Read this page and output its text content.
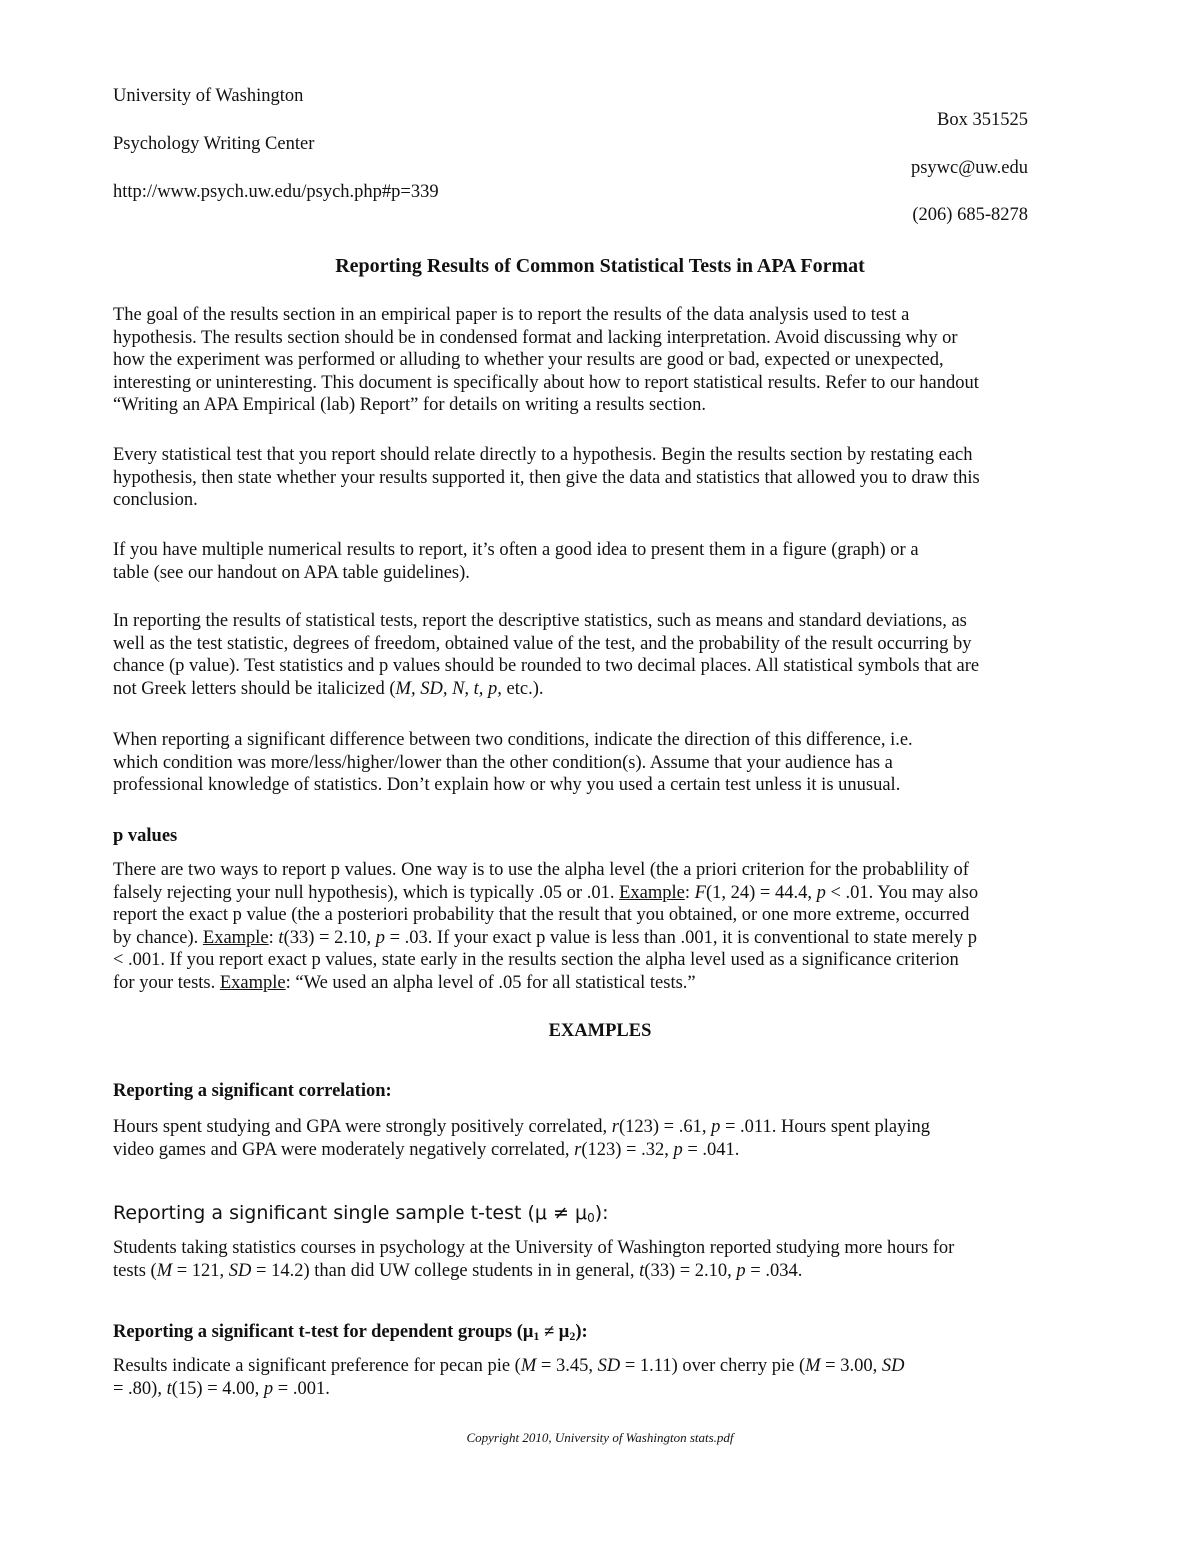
University of Washington

Psychology Writing Center

http://www.psych.uw.edu/psych.php#p=339

Box 351525

psywc@uw.edu

(206) 685-8278

Reporting Results of Common Statistical Tests in APA Format
The goal of the results section in an empirical paper is to report the results of the data analysis used to test a
hypothesis. The results section should be in condensed format and lacking interpretation. Avoid discussing why or
how the experiment was performed or alluding to whether your results are good or bad, expected or unexpected,
interesting or uninteresting. This document is specifically about how to report statistical results. Refer to our handout
“Writing an APA Empirical (lab) Report” for details on writing a results section.
Every statistical test that you report should relate directly to a hypothesis. Begin the results section by restating each
hypothesis, then state whether your results supported it, then give the data and statistics that allowed you to draw this
conclusion.
If you have multiple numerical results to report, it’s often a good idea to present them in a figure (graph) or a
table (see our handout on APA table guidelines).
In reporting the results of statistical tests, report the descriptive statistics, such as means and standard deviations, as
well as the test statistic, degrees of freedom, obtained value of the test, and the probability of the result occurring by
chance (p value). Test statistics and p values should be rounded to two decimal places. All statistical symbols that are
not Greek letters should be italicized (M, SD, N, t, p, etc.).
When reporting a significant difference between two conditions, indicate the direction of this difference, i.e.
which condition was more/less/higher/lower than the other condition(s). Assume that your audience has a
professional knowledge of statistics. Don’t explain how or why you used a certain test unless it is unusual.

p values

There are two ways to report p values. One way is to use the alpha level (the a priori criterion for the probablility of
falsely rejecting your null hypothesis), which is typically .05 or .01. Example: F(1, 24) = 44.4, p < .01. You may also
report the exact p value (the a posteriori probability that the result that you obtained, or one more extreme, occurred
by chance). Example: t(33) = 2.10, p = .03. If your exact p value is less than .001, it is conventional to state merely p
< .001. If you report exact p values, state early in the results section the alpha level used as a significance criterion
for your tests. Example: “We used an alpha level of .05 for all statistical tests.”

EXAMPLES

Reporting a significant correlation:

Hours spent studying and GPA were strongly positively correlated, r(123) = .61, p = .011. Hours spent playing
video games and GPA were moderately negatively correlated, r(123) = .32, p = .041.

Reporting a significant single sample t-test $(\mu \ne \mu_0)$:

Students taking statistics courses in psychology at the University of Washington reported studying more hours for
tests (M = 121, SD = 14.2) than did UW college students in in general, t(33) = 2.10, p = .034.

Reporting a significant t-test for dependent groups $(\mu_1 \ne \mu_2)$:

Results indicate a significant preference for pecan pie (M = 3.45, SD = 1.11) over cherry pie (M = 3.00, SD
= .80), t(15) = 4.00, p = .001.

Copyright 2010, University of Washington stats.pdf
